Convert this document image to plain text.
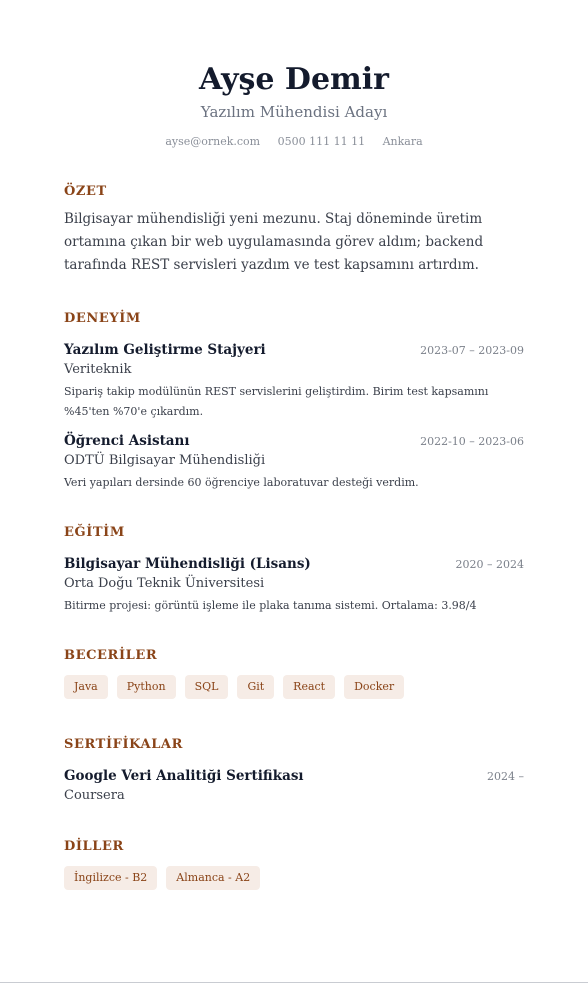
Ayşe Demir
Yazılım Mühendisi Adayı
ayse@ornek.com 0500 111 11 11 Ankara
ÖZET
Bilgisayar mühendisliği yeni mezunu. Staj döneminde üretim ortamına çıkan bir web uygulamasında görev aldım; backend tarafında REST servisleri yazdım ve test kapsamını artırdım.
DENEYİM
Yazılım Geliştirme Stajyeri	2023-07 – 2023-09
Veriteknik
Sipariş takip modülünün REST servislerini geliştirdim. Birim test kapsamını %45'ten %70'e çıkardım.
Öğrenci Asistanı	2022-10 – 2023-06
ODTÜ Bilgisayar Mühendisliği
Veri yapıları dersinde 60 öğrenciye laboratuvar desteği verdim.
EĞİTİM
Bilgisayar Mühendisliği (Lisans)	2020 – 2024
Orta Doğu Teknik Üniversitesi
Bitirme projesi: görüntü işleme ile plaka tanıma sistemi. Ortalama: 3.98/4
BECERİLER
Java	Python	SQL	Git	React	Docker
SERTİFİKALAR
Google Veri Analitiği Sertifikası	2024 –
Coursera
DİLLER
İngilizce - B2	Almanca - A2
